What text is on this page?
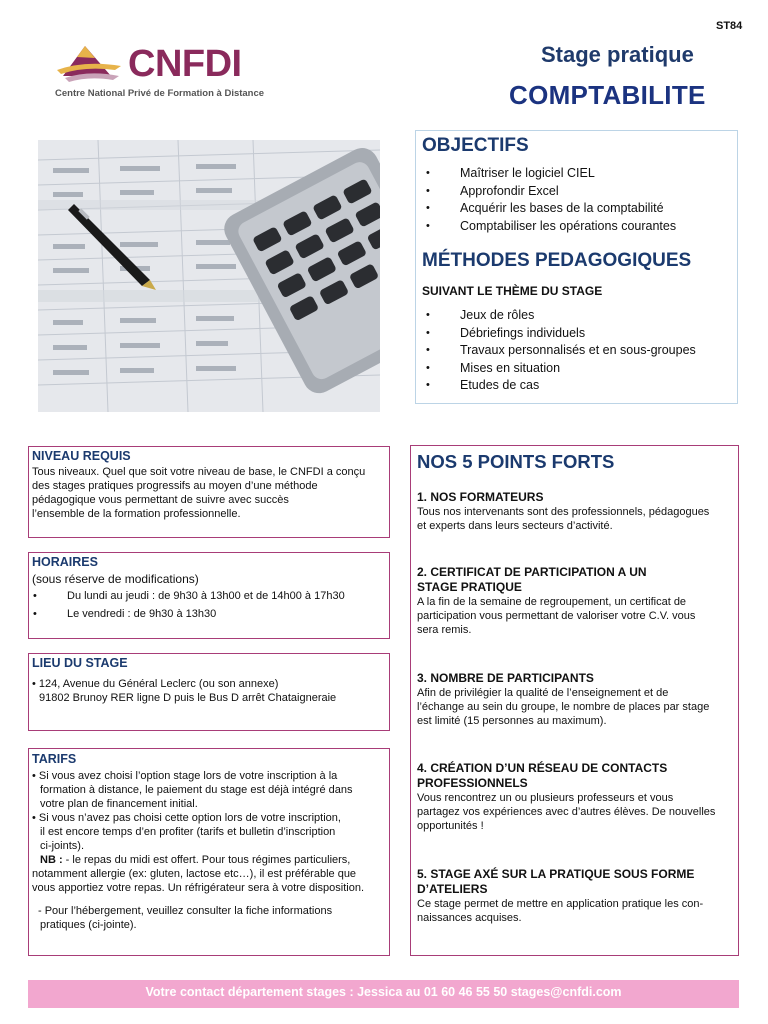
ST84
CNFDI
Centre National Privé de Formation à Distance
Stage pratique
COMPTABILITE
OBJECTIFS
• Maîtriser le logiciel CIEL
• Approfondir Excel
• Acquérir les bases de la comptabilité
• Comptabiliser les opérations courantes
MÉTHODES PEDAGOGIQUES
SUIVANT LE THÈME DU STAGE
• Jeux de rôles
• Débriefings individuels
• Travaux personnalisés et en sous-groupes
• Mises en situation
• Etudes de cas
NIVEAU REQUIS
Tous niveaux. Quel que soit votre niveau de base, le CNFDI a conçu
des stages pratiques progressifs au moyen d’une méthode
pédagogique vous permettant de suivre avec succès
l’ensemble de la formation professionnelle.
HORAIRES
(sous réserve de modifications)
• Du lundi au jeudi : de 9h30 à 13h00 et de 14h00 à 17h30
• Le vendredi : de 9h30 à 13h30
LIEU DU STAGE
• 124, Avenue du Général Leclerc (ou son annexe)
91802 Brunoy RER ligne D puis le Bus D arrêt Chataigneraie
TARIFS
• Si vous avez choisi l’option stage lors de votre inscription à la
formation à distance, le paiement du stage est déjà intégré dans
votre plan de financement initial.
• Si vous n’avez pas choisi cette option lors de votre inscription,
il est encore temps d’en profiter (tarifs et bulletin d’inscription
ci-joints).
NB : - le repas du midi est offert. Pour tous régimes particuliers,
notamment allergie (ex: gluten, lactose etc…), il est préférable que
vous apportiez votre repas. Un réfrigérateur sera à votre disposition.
- Pour l’hébergement, veuillez consulter la fiche informations
pratiques (ci-jointe).
NOS 5 POINTS FORTS
1. NOS FORMATEURS
Tous nos intervenants sont des professionnels, pédagogues
et experts dans leurs secteurs d’activité.
2. CERTIFICAT DE PARTICIPATION A UN
STAGE PRATIQUE
A la fin de la semaine de regroupement, un certificat de
participation vous permettant de valoriser votre C.V. vous
sera remis.
3. NOMBRE DE PARTICIPANTS
Afin de privilégier la qualité de l’enseignement et de
l’échange au sein du groupe, le nombre de places par stage
est limité (15 personnes au maximum).
4. CRÉATION D’UN RÉSEAU DE CONTACTS
PROFESSIONNELS
Vous rencontrez un ou plusieurs professeurs et vous
partagez vos expériences avec d’autres élèves. De nouvelles
opportunités !
5. STAGE AXÉ SUR LA PRATIQUE SOUS FORME
D’ATELIERS
Ce stage permet de mettre en application pratique les con-
naissances acquises.
Votre contact département stages : Jessica au 01 60 46 55 50 stages@cnfdi.com
